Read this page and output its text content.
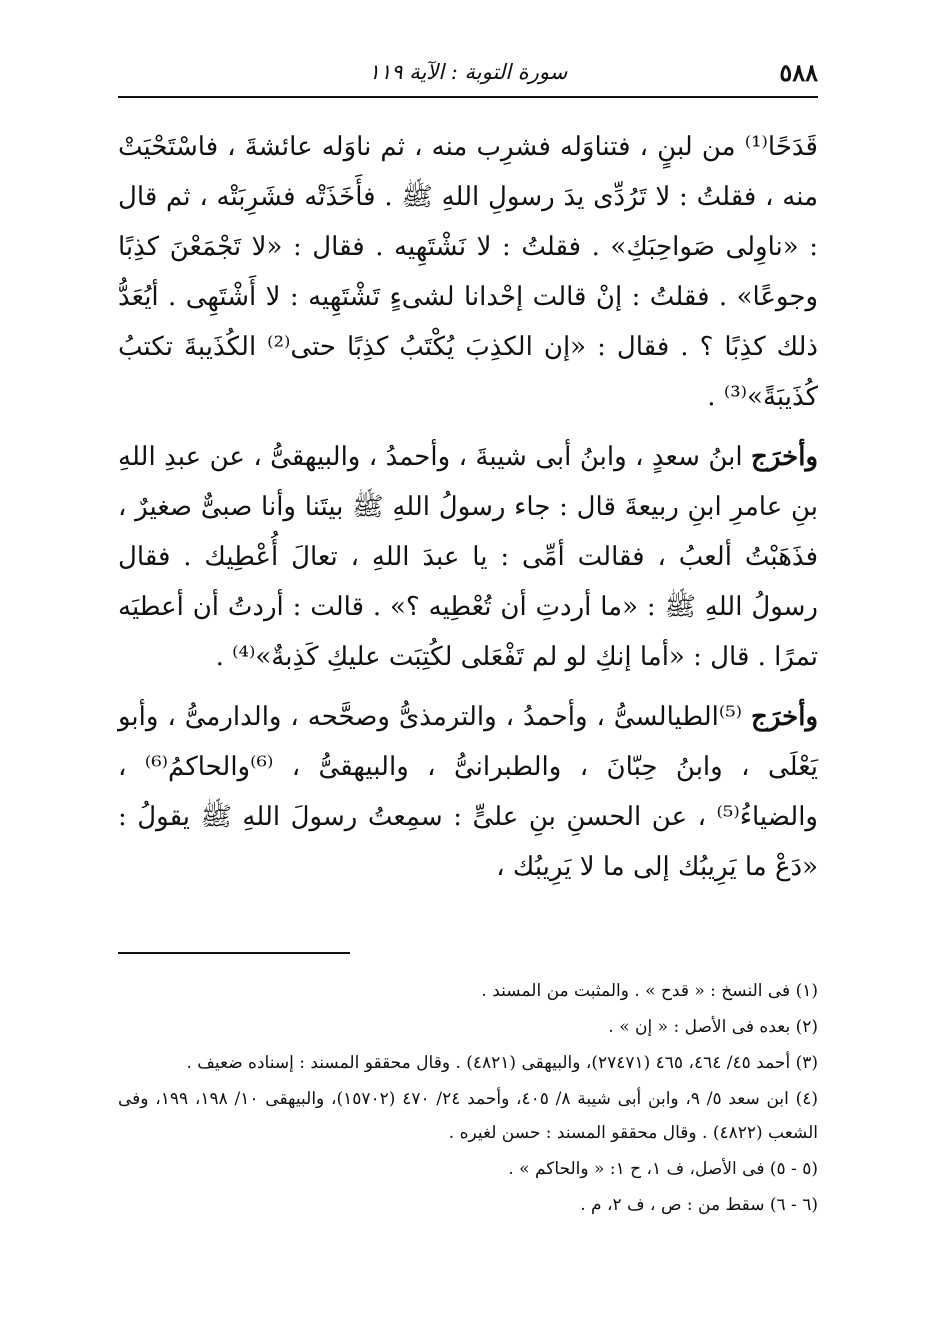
٥٨٨
سورة التوبة : الآية ١١٩

قَدَحًا⁽¹⁾ من لبنٍ ، فتناوَله فشرِب منه ، ثم ناوَله عائشةَ ، فاسْتَحْيَتْ منه ، فقلتُ : لا تَرُدِّى يدَ رسولِ اللهِ ﷺ . فأَخَذَتْه فشَرِبَتْه ، ثم قال : «ناوِلى صَواحِبَكِ» . فقلتُ : لا نَشْتَهِيه . فقال : «لا تَجْمَعْنَ كذِبًا وجوعًا» . فقلتُ : إنْ قالت إحْدانا لشىءٍ تَشْتَهِيه : لا أَشْتَهِى . أيُعَدُّ ذلك كذِبًا ؟ . فقال : «إن الكذِبَ يُكْتَبُ كذِبًا حتى⁽²⁾ الكُذَيبةَ تكتبُ كُذَيبَةً»⁽³⁾ .

وأخرَج ابنُ سعدٍ ، وابنُ أبى شيبةَ ، وأحمدُ ، والبيهقىُّ ، عن عبدِ اللهِ بنِ عامرِ ابنِ ربيعةَ قال : جاء رسولُ اللهِ ﷺ بيتَنا وأنا صبىٌّ صغيرٌ ، فذَهَبْتُ ألعبُ ، فقالت أمِّى : يا عبدَ اللهِ ، تعالَ أُعْطِيك . فقال رسولُ اللهِ ﷺ : «ما أردتِ أن تُعْطِيه ؟» . قالت : أردتُ أن أعطيَه تمرًا . قال : «أما إنكِ لو لم تَفْعَلى لكُتِبَت عليكِ كَذِبةٌ»⁽⁴⁾ .

وأخرَج ⁽⁵⁾الطيالسىُّ ، وأحمدُ ، والترمذىُّ وصحَّحه ، والدارمىُّ ، وأبو يَعْلَى ، وابنُ حِبّانَ ، والطبرانىُّ ، والبيهقىُّ ، ⁽⁶⁾والحاكمُ⁽⁶⁾ ، والضياءُ⁽⁵⁾ ، عن الحسنِ بنِ علىٍّ : سمِعتُ رسولَ اللهِ ﷺ يقولُ : «دَعْ ما يَرِيبُك إلى ما لا يَرِيبُك ،

(١) فى النسخ : « قدح » . والمثبت من المسند .

(٢) بعده فى الأصل : « إن » .

(٣) أحمد ٤٥/ ٤٦٤، ٤٦٥ (٢٧٤٧١)، والبيهقى (٤٨٢١) . وقال محققو المسند : إسناده ضعيف .

(٤) ابن سعد ٥/ ٩، وابن أبى شيبة ٨/ ٤٠٥، وأحمد ٢٤/ ٤٧٠ (١٥٧٠٢)، والبيهقى ١٠/ ١٩٨، ١٩٩، وفى الشعب (٤٨٢٢) . وقال محققو المسند : حسن لغيره .

(٥ - ٥) فى الأصل، ف ١، ح ١: « والحاكم » .

(٦ - ٦) سقط من : ص ، ف ٢، م .
